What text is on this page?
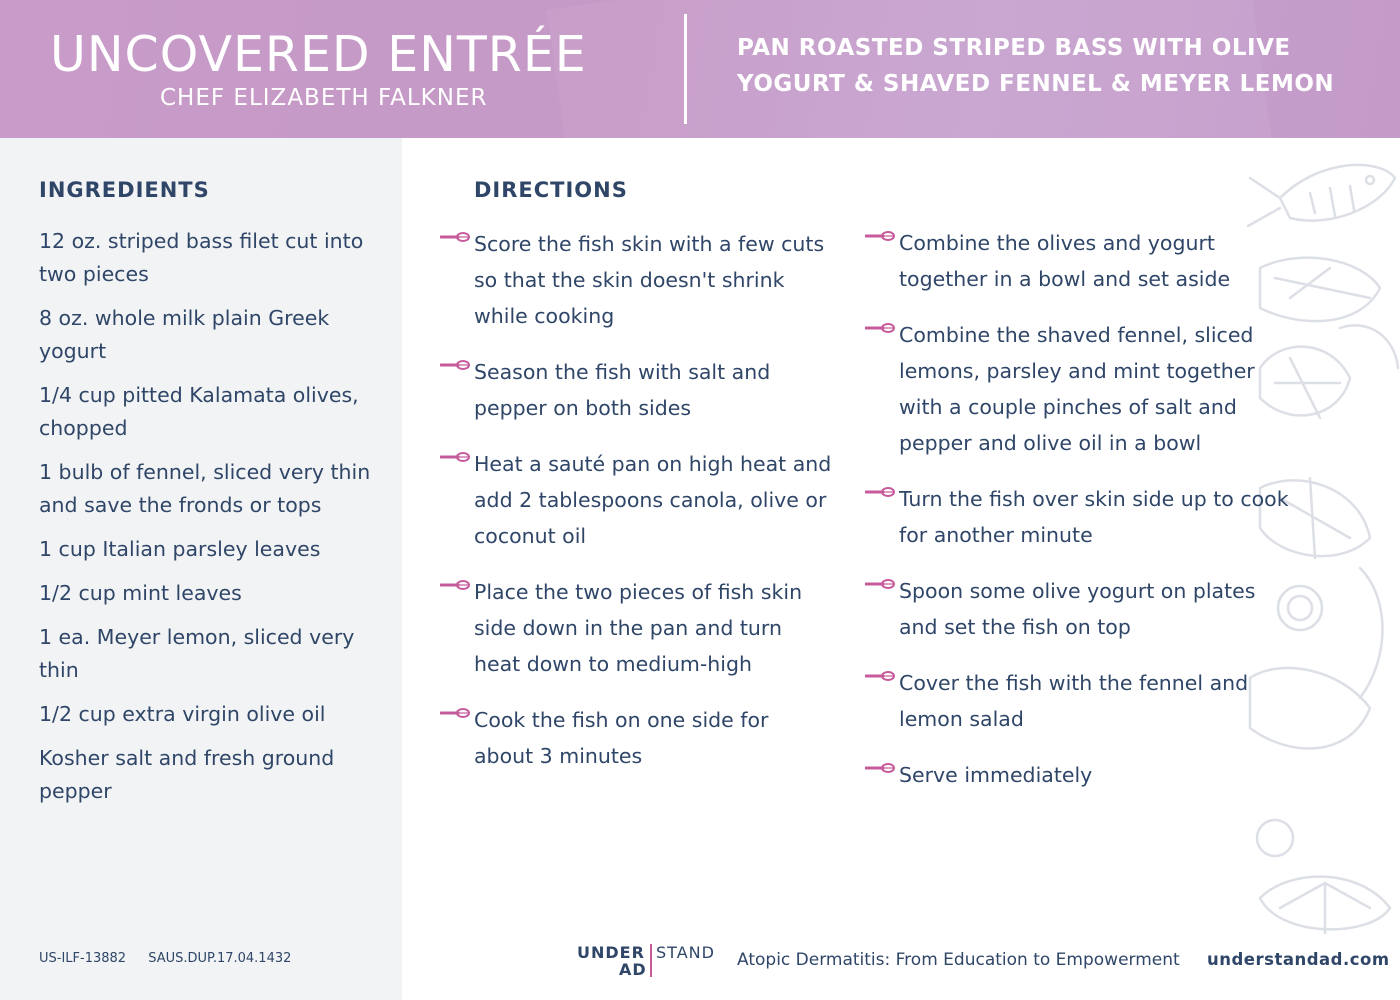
UNCOVERED ENTRÉE
CHEF ELIZABETH FALKNER
PAN ROASTED STRIPED BASS WITH OLIVE
YOGURT & SHAVED FENNEL & MEYER LEMON
INGREDIENTS
12 oz. striped bass filet cut into two pieces
8 oz. whole milk plain Greek yogurt
1/4 cup pitted Kalamata olives, chopped
1 bulb of fennel, sliced very thin and save the fronds or tops
1 cup Italian parsley leaves
1/2 cup mint leaves
1 ea. Meyer lemon, sliced very thin
1/2 cup extra virgin olive oil
Kosher salt and fresh ground pepper
DIRECTIONS
Score the fish skin with a few cuts so that the skin doesn't shrink while cooking
Season the fish with salt and pepper on both sides
Heat a sauté pan on high heat and add 2 tablespoons canola, olive or coconut oil
Place the two pieces of fish skin side down in the pan and turn heat down to medium-high
Cook the fish on one side for about 3 minutes
Combine the olives and yogurt together in a bowl and set aside
Combine the shaved fennel, sliced lemons, parsley and mint together with a couple pinches of salt and pepper and olive oil in a bowl
Turn the fish over skin side up to cook for another minute
Spoon some olive yogurt on plates and set the fish on top
Cover the fish with the fennel and lemon salad
Serve immediately
US-ILF-13882 SAUS.DUP.17.04.1432	UNDER
AD
STAND Atopic Dermatitis: From Education to Empowerment understandad.com
